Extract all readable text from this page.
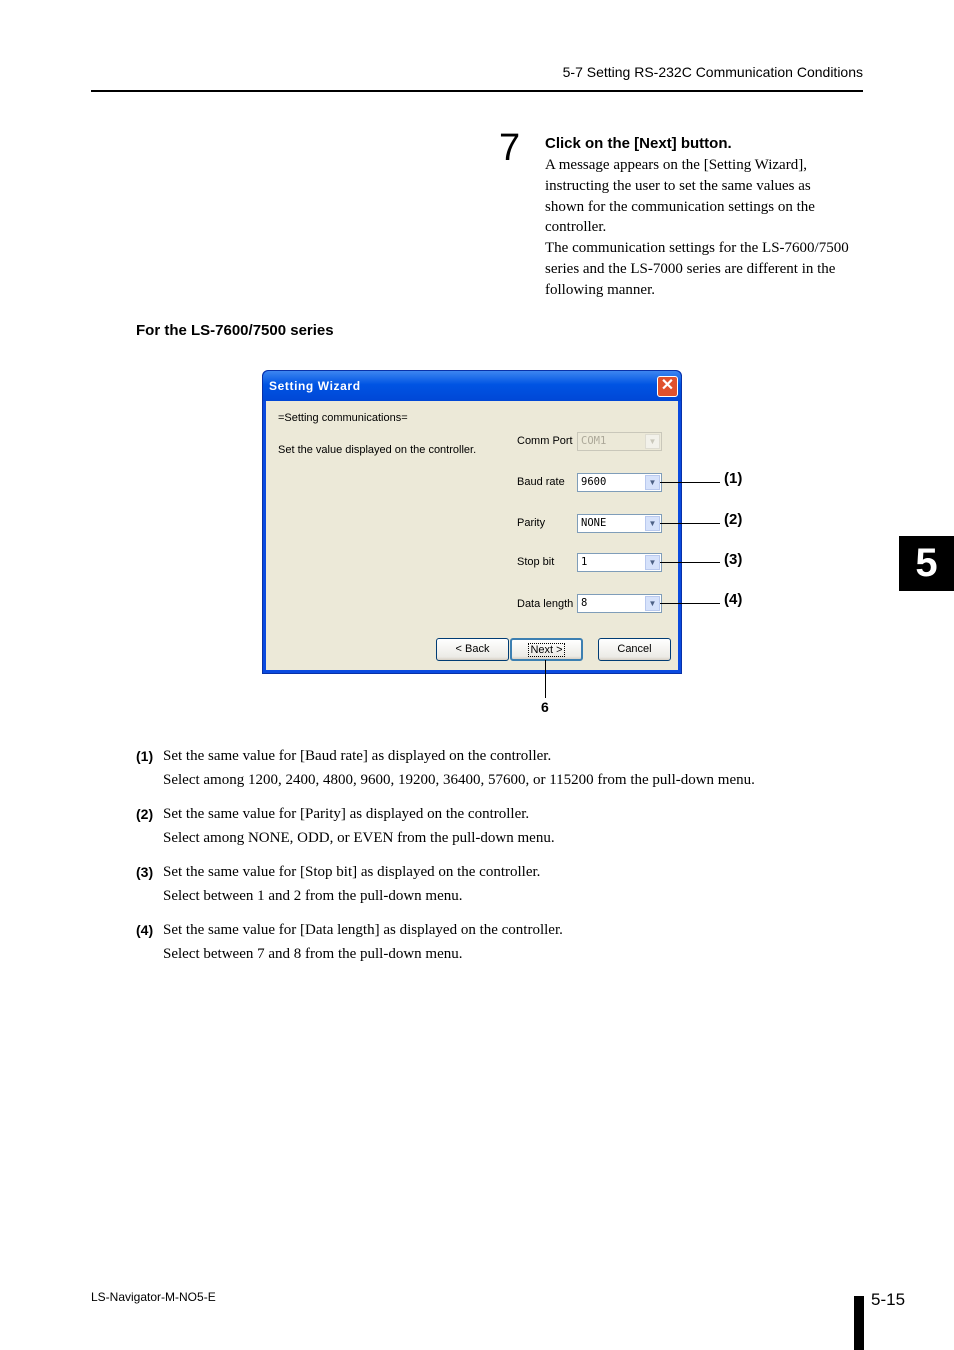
5-7 Setting RS-232C Communication Conditions
7 Click on the [Next] button.
A message appears on the [Setting Wizard],
instructing the user to set the same values as
shown for the communication settings on the
controller.
The communication settings for the LS-7600/7500
series and the LS-7000 series are different in the
following manner.
For the LS-7600/7500 series
5
Setting Wizard	✕
=Setting communications=
Set the value displayed on the controller.
Comm Port COM1	▼
Baud rate 9600	▼
Parity	NONE	▼
Stop bit	1	▼
Data length 8	▼
< Back	Next >	Cancel
(1)
(2)
(3)
(4)
6
(1) Set the same value for [Baud rate] as displayed on the controller.
Select among 1200, 2400, 4800, 9600, 19200, 36400, 57600, or 115200 from the pull-down menu.
(2) Set the same value for [Parity] as displayed on the controller.
Select among NONE, ODD, or EVEN from the pull-down menu.
(3) Set the same value for [Stop bit] as displayed on the controller.
Select between 1 and 2 from the pull-down menu.
(4) Set the same value for [Data length] as displayed on the controller.
Select between 7 and 8 from the pull-down menu.
LS-Navigator-M-NO5-E	5-15
